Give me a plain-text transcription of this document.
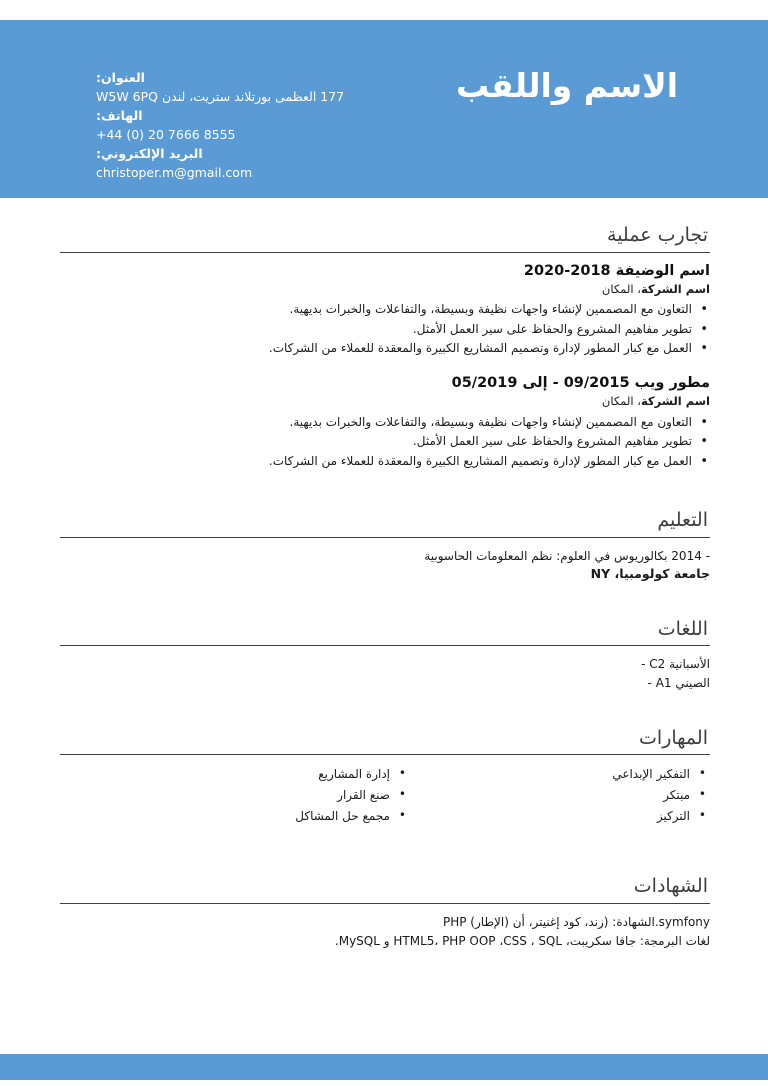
الاسم واللقب
العنوان:
177 العظمى بورتلاند ستريت، لندن W5W 6PQ
الهاتف:
+44 (0) 20 7666 8555
البريد الإلكتروني:
christoper.m@gmail.com
تجارب عملية
اسم الوضيفة 2018-2020
اسم الشركة، المكان
• التعاون مع المصممين لإنشاء واجهات نظيفة وبسيطة، والتفاعلات والخبرات بديهية.
• تطوير مفاهيم المشروع والحفاظ على سير العمل الأمثل.
• العمل مع كبار المطور لإدارة وتصميم المشاريع الكبيرة والمعقدة للعملاء من الشركات.
مطور ويب 09/2015 - إلى 05/2019
اسم الشركة، المكان
• التعاون مع المصممين لإنشاء واجهات نظيفة وبسيطة، والتفاعلات والخبرات بديهية.
• تطوير مفاهيم المشروع والحفاظ على سير العمل الأمثل.
• العمل مع كبار المطور لإدارة وتصميم المشاريع الكبيرة والمعقدة للعملاء من الشركات.
التعليم
- 2014 بكالوريوس في العلوم: نظم المعلومات الحاسوبية
جامعة كولومبيا، NY
اللغات
- C2 الأسبانية
- A1 الصيني
المهارات
• التفكير الإبداعي
• مبتكر
• التركيز
• إدارة المشاريع
• صنع القرار
• مجمع حل المشاكل
الشهادات
PHP (الإطار) الشهادة: (زند، كود إغنيتر، أن.symfony
لغات البرمجة: جافا سكريبت، HTML5، PHP OOP ،CSS ، SQL و MySQL.
